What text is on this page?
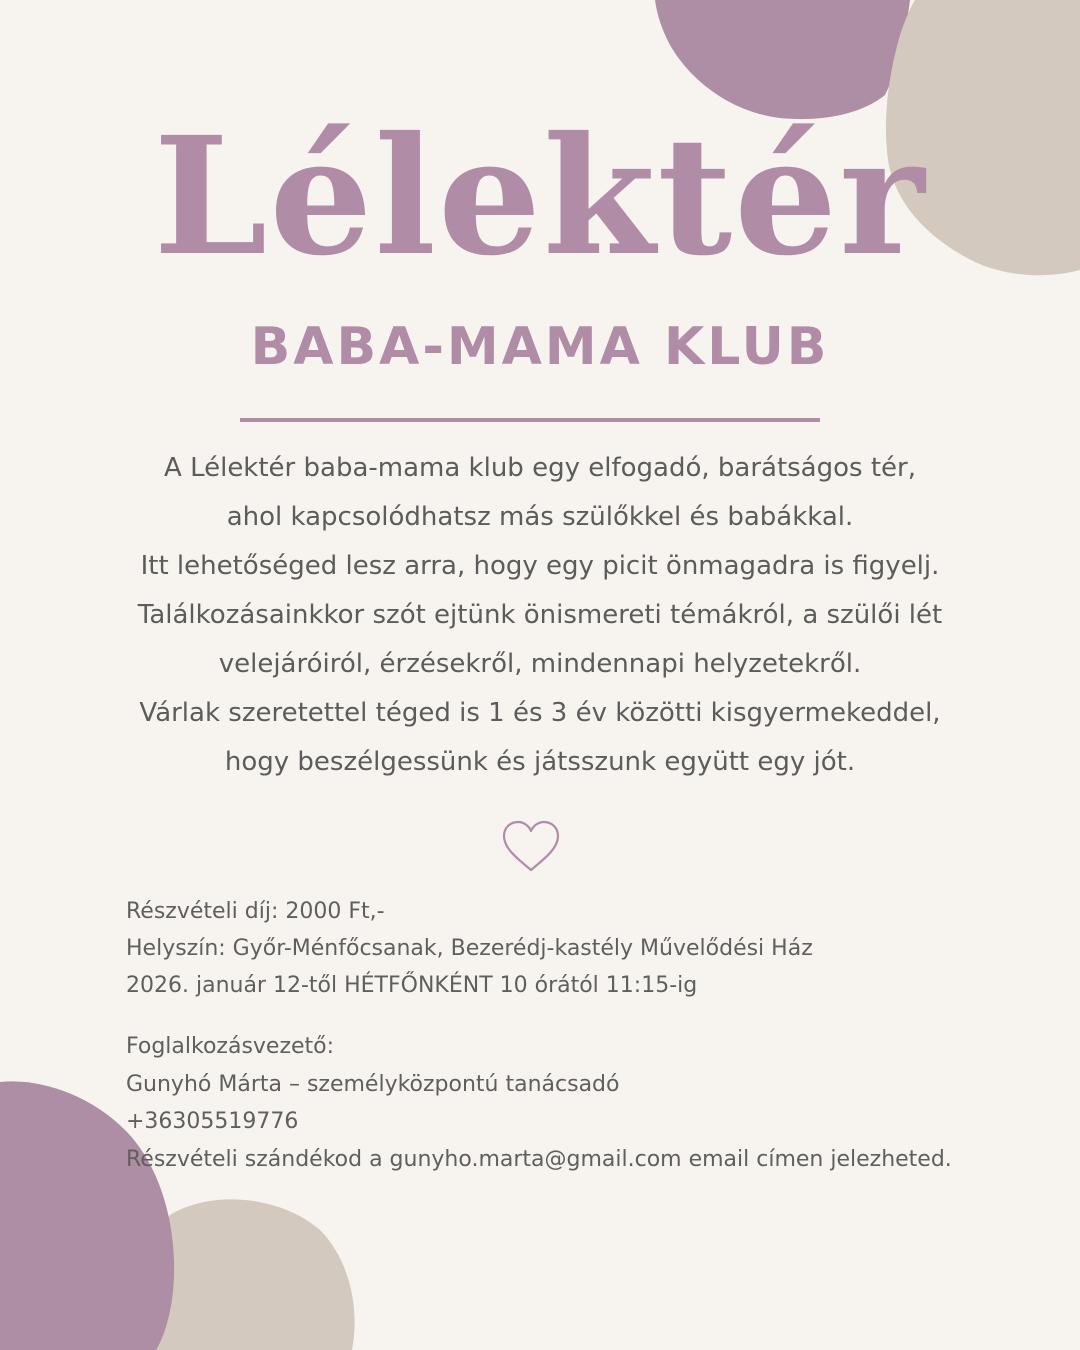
Lélektér
BABA-MAMA KLUB

A Lélektér baba-mama klub egy elfogadó, barátságos tér,
ahol kapcsolódhatsz más szülőkkel és babákkal.
Itt lehetőséged lesz arra, hogy egy picit önmagadra is figyelj.
Találkozásainkkor szót ejtünk önismereti témákról, a szülői lét
velejáróiról, érzésekről, mindennapi helyzetekről.
Várlak szeretettel téged is 1 és 3 év közötti kisgyermekeddel,
hogy beszélgessünk és játsszunk együtt egy jót.

Részvételi díj: 2000 Ft,-
Helyszín: Győr-Ménfőcsanak, Bezerédj-kastély Művelődési Ház
2026. január 12-től HÉTFŐNKÉNT 10 órától 11:15-ig

Foglalkozásvezető:
Gunyhó Márta – személyközpontú tanácsadó
+36305519776
Részvételi szándékod a gunyho.marta@gmail.com email címen jelezheted.
